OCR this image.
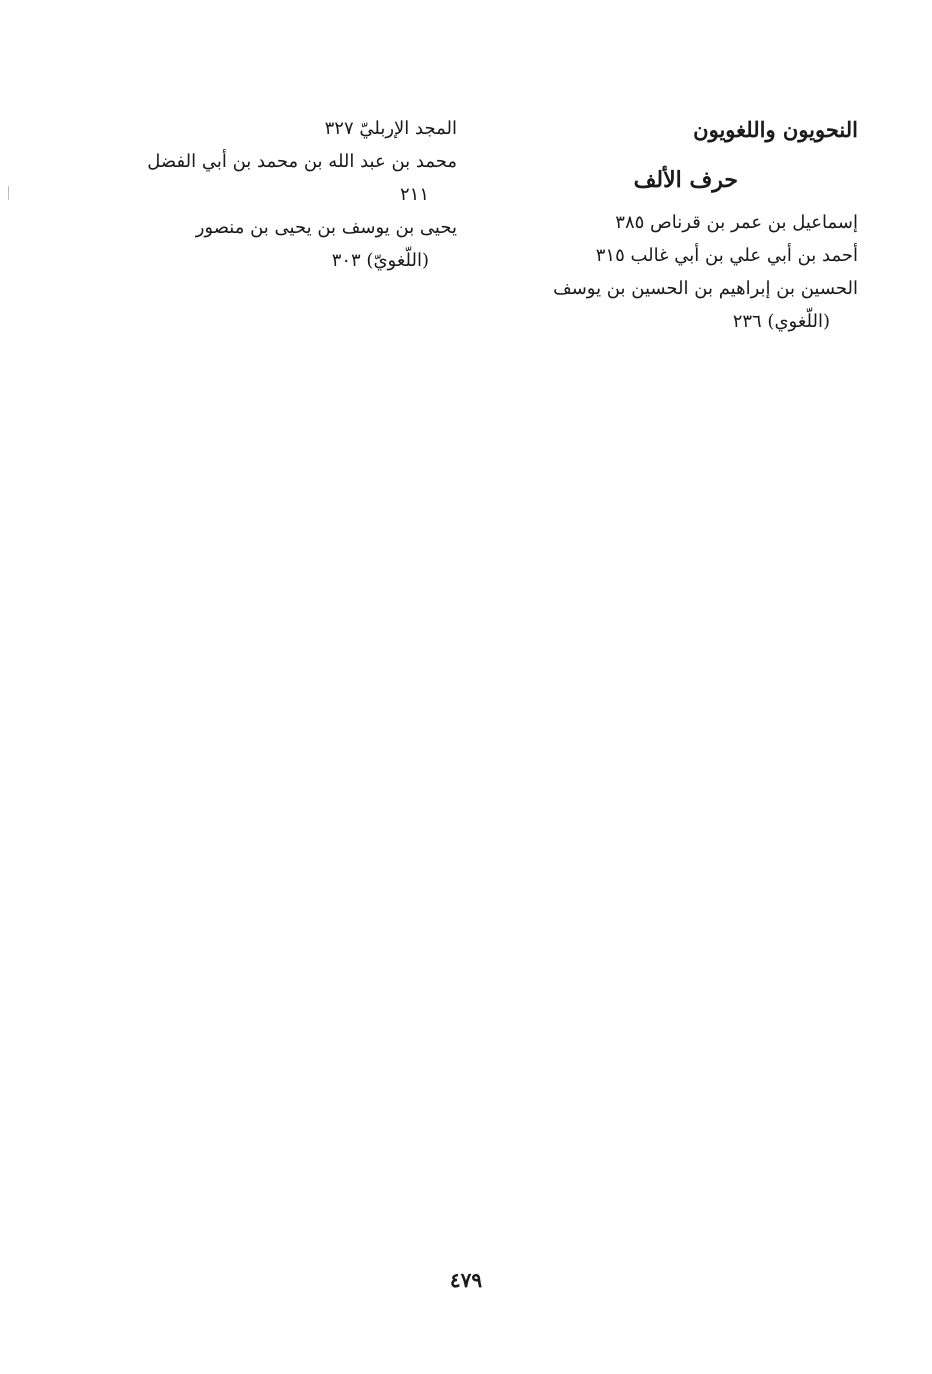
النحويون واللغويون
حرف الألف
إسماعيل بن عمر بن قرناص ٣٨٥
أحمد بن أبي علي بن أبي غالب ٣١٥
الحسين بن إبراهيم بن الحسين بن يوسف
(اللّغوي) ٢٣٦
المجد الإربليّ ٣٢٧
محمد بن عبد الله بن محمد بن أبي الفضل
٢١١
يحيى بن يوسف بن يحيى بن منصور
(اللّغويّ) ٣٠٣
٤٧٩
